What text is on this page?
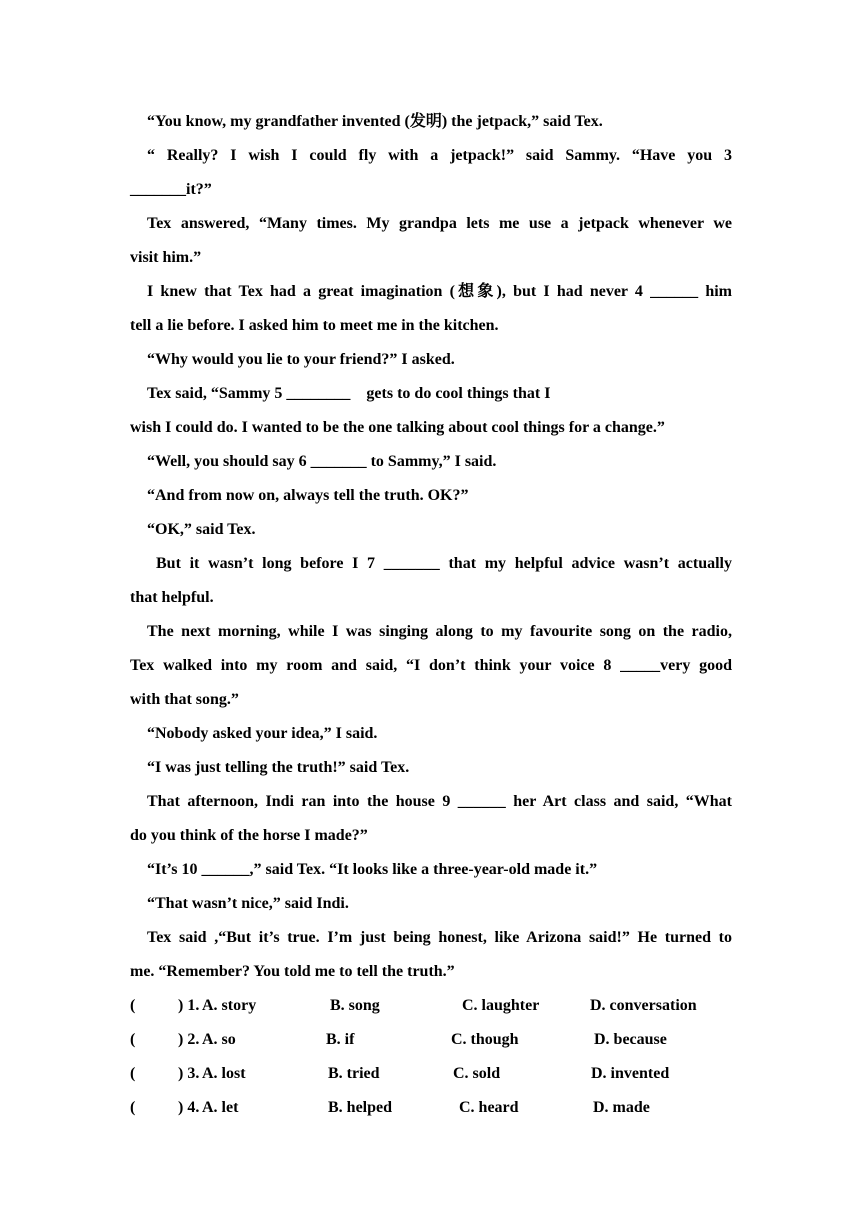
“You know, my grandfather invented (发明) the jetpack,” said Tex.
“ Really? I wish I could fly with a jetpack!” said Sammy. “Have you 3
_______it?”
Tex answered, “Many times. My grandpa lets me use a jetpack whenever we
visit him.”
I knew that Tex had a great imagination (想象), but I had never 4 ______ him
tell a lie before. I asked him to meet me in the kitchen.
“Why would you lie to your friend?” I asked.
Tex said, “Sammy 5 ________    gets to do cool things that I
wish I could do. I wanted to be the one talking about cool things for a change.”
“Well, you should say 6 _______ to Sammy,” I said.
“And from now on, always tell the truth. OK?”
“OK,” said Tex.
But it wasn’t long before I 7 _______ that my helpful advice wasn’t actually
that helpful.
The next morning, while I was singing along to my favourite song on the radio,
Tex walked into my room and said, “I don’t think your voice 8 _____very good
with that song.”
“Nobody asked your idea,” I said.
“I was just telling the truth!” said Tex.
That afternoon, Indi ran into the house 9 ______ her Art class and said, “What
do you think of the horse I made?”
“It’s 10 ______,” said Tex. “It looks like a three-year-old made it.”
“That wasn’t nice,” said Indi.
Tex said ,“But it’s true. I’m just being honest, like Arizona said!” He turned to
me. “Remember? You told me to tell the truth.”
(	) 1. A. story	B. song	C. laughter	D. conversation
(	) 2. A. so	B. if	C. though	D. because
(	) 3. A. lost	B. tried	C. sold	D. invented
(	) 4. A. let	B. helped	C. heard	D. made
